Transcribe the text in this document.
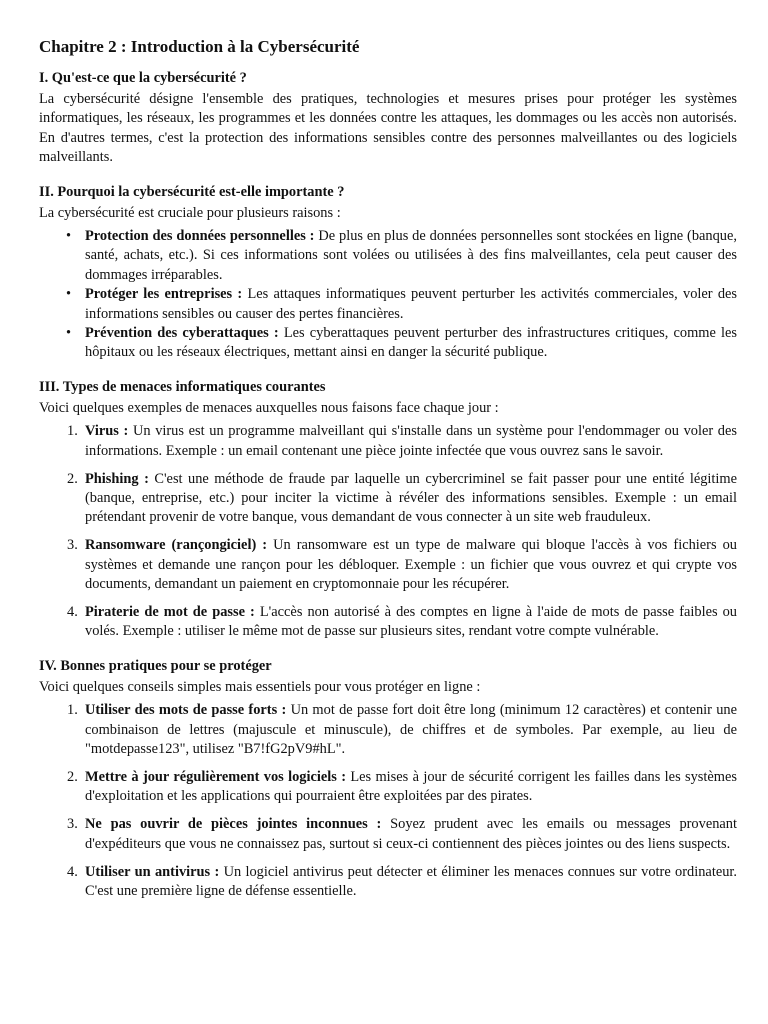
Chapitre 2 : Introduction à la Cybersécurité
I. Qu'est-ce que la cybersécurité ?

La cybersécurité désigne l'ensemble des pratiques, technologies et mesures prises pour protéger les systèmes informatiques, les réseaux, les programmes et les données contre les attaques, les dommages ou les accès non autorisés. En d'autres termes, c'est la protection des informations sensibles contre des personnes malveillantes ou des logiciels malveillants.

II. Pourquoi la cybersécurité est-elle importante ?

La cybersécurité est cruciale pour plusieurs raisons :

• Protection des données personnelles : De plus en plus de données personnelles sont stockées en ligne (banque, santé, achats, etc.). Si ces informations sont volées ou utilisées à des fins malveillantes, cela peut causer des dommages irréparables.
• Protéger les entreprises : Les attaques informatiques peuvent perturber les activités commerciales, voler des informations sensibles ou causer des pertes financières.
• Prévention des cyberattaques : Les cyberattaques peuvent perturber des infrastructures critiques, comme les hôpitaux ou les réseaux électriques, mettant ainsi en danger la sécurité publique.
III. Types de menaces informatiques courantes

Voici quelques exemples de menaces auxquelles nous faisons face chaque jour :

1. Virus : Un virus est un programme malveillant qui s'installe dans un système pour l'endommager ou voler des informations. Exemple : un email contenant une pièce jointe infectée que vous ouvrez sans le savoir.
2. Phishing : C'est une méthode de fraude par laquelle un cybercriminel se fait passer pour une entité légitime (banque, entreprise, etc.) pour inciter la victime à révéler des informations sensibles. Exemple : un email prétendant provenir de votre banque, vous demandant de vous connecter à un site web frauduleux.
3. Ransomware (rançongiciel) : Un ransomware est un type de malware qui bloque l'accès à vos fichiers ou systèmes et demande une rançon pour les débloquer. Exemple : un fichier que vous ouvrez et qui crypte vos documents, demandant un paiement en cryptomonnaie pour les récupérer.
4. Piraterie de mot de passe : L'accès non autorisé à des comptes en ligne à l'aide de mots de passe faibles ou volés. Exemple : utiliser le même mot de passe sur plusieurs sites, rendant votre compte vulnérable.
IV. Bonnes pratiques pour se protéger

Voici quelques conseils simples mais essentiels pour vous protéger en ligne :

1. Utiliser des mots de passe forts : Un mot de passe fort doit être long (minimum 12 caractères) et contenir une combinaison de lettres (majuscule et minuscule), de chiffres et de symboles. Par exemple, au lieu de "motdepasse123", utilisez "B7!fG2pV9#hL".
2. Mettre à jour régulièrement vos logiciels : Les mises à jour de sécurité corrigent les failles dans les systèmes d'exploitation et les applications qui pourraient être exploitées par des pirates.
3. Ne pas ouvrir de pièces jointes inconnues : Soyez prudent avec les emails ou messages provenant d'expéditeurs que vous ne connaissez pas, surtout si ceux-ci contiennent des pièces jointes ou des liens suspects.
4. Utiliser un antivirus : Un logiciel antivirus peut détecter et éliminer les menaces connues sur votre ordinateur. C'est une première ligne de défense essentielle.
